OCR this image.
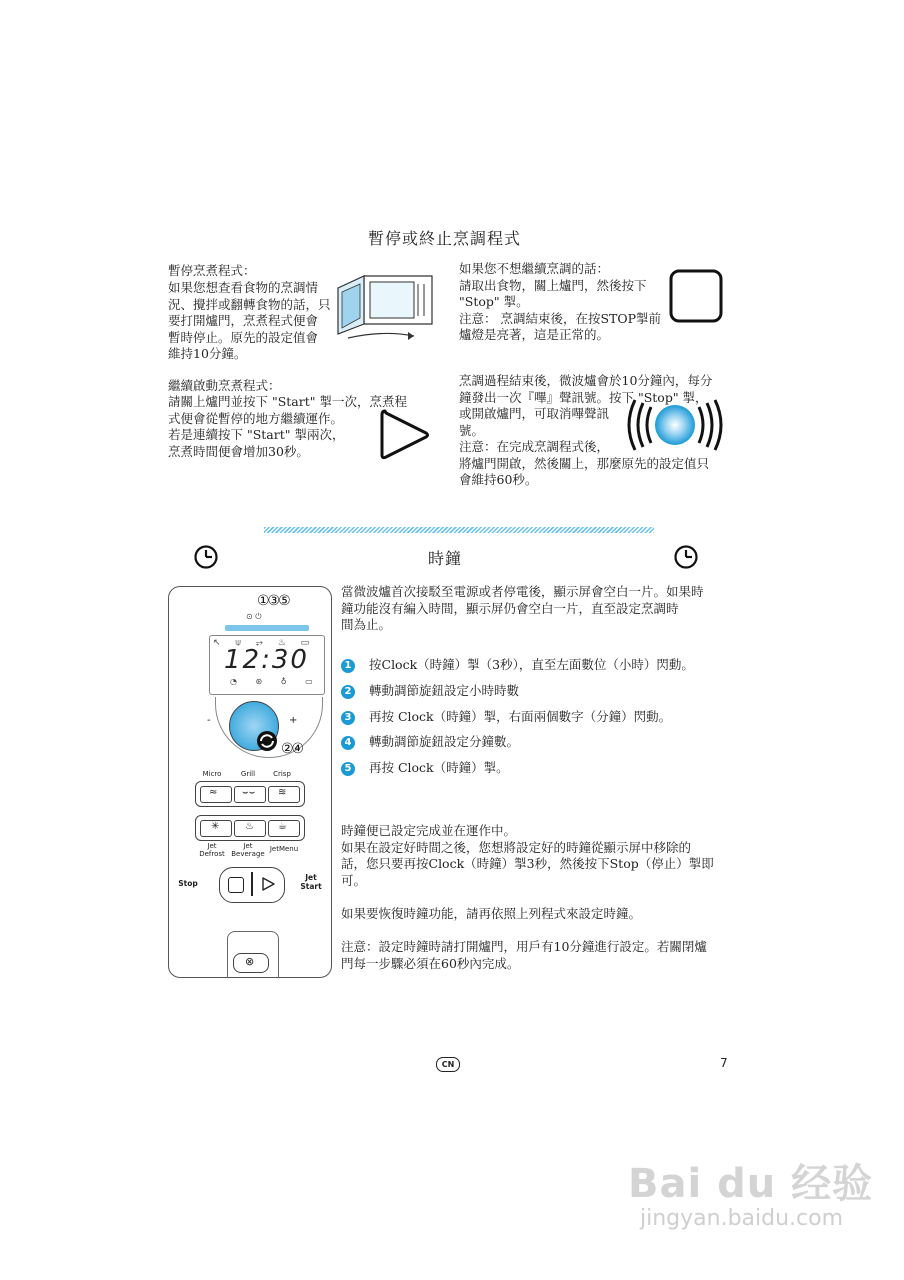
暫停或終止烹調程式
暫停烹煮程式：
如果您想查看食物的烹調情
況、攪拌或翻轉食物的話，只
要打開爐門，烹煮程式便會
暫時停止。原先的設定值會
維持10分鐘。
繼續啟動烹煮程式：
請關上爐門並按下 "Start" 掣一次，烹煮程
式便會從暫停的地方繼續運作。
若是連續按下 "Start" 掣兩次，
烹煮時間便會增加30秒。
如果您不想繼續烹調的話：
請取出食物，關上爐門，然後按下
"Stop" 掣。
注意： 烹調結束後，在按STOP掣前
爐燈是亮著，這是正常的。
烹調過程結束後，微波爐會於10分鐘內，每分
鐘發出一次『嗶』聲訊號。按下 "Stop" 掣，
或開啟爐門，可取消嗶聲訊
號。
注意：在完成烹調程式後，
將爐門開啟，然後關上，那麼原先的設定值只
會維持60秒。
時鐘
當微波爐首次接駁至電源或者停電後，顯示屏會空白一片。如果時
鐘功能沒有編入時間，顯示屏仍會空白一片，直至設定烹調時
間為止。
1 按Clock（時鐘）掣（3秒），直至左面數位（小時）閃動。
2 轉動調節旋鈕設定小時時數
3 再按 Clock（時鐘）掣，右面兩個數字（分鐘）閃動。
4 轉動調節旋鈕設定分鐘數。
5 再按 Clock（時鐘）掣。
時鐘便已設定完成並在運作中。
如果在設定好時間之後，您想將設定好的時鐘從顯示屏中移除的
話，您只要再按Clock（時鐘）掣3秒，然後按下Stop（停止）掣即
可。
如果要恢復時鐘功能，請再依照上列程式來設定時鐘。
注意：設定時鐘時請打開爐門，用戶有10分鐘進行設定。若關閉爐
門每一步驟必須在60秒內完成。
⊙ ⏻
①③⑤
↖ ⍦ ⥅ ♨ ▭
12:30
◔ ⊛ ♁ ▭
-	+
②④
Micro	Grill	Crisp
≈ ⌣⌣ ≋
✳	♨ ☕
Jet
Defrost
Jet
Beverage
JetMenu
Stop
Jet
Start
⊗
CN	7
Bai du 经验
jingyan.baidu.com
